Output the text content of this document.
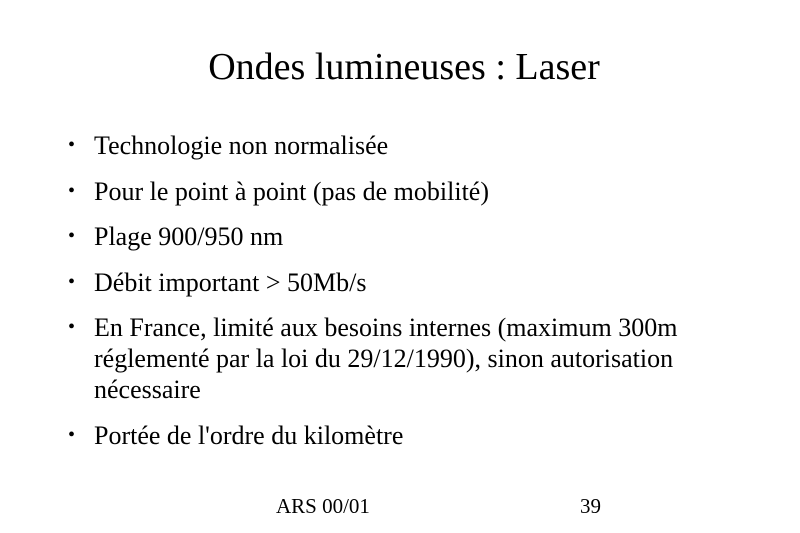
Ondes lumineuses : Laser
• Technologie non normalisée
• Pour le point à point (pas de mobilité)
• Plage 900/950 nm
• Débit important > 50Mb/s
• En France, limité aux besoins internes (maximum 300m réglementé par la loi du 29/12/1990), sinon autorisation nécessaire
• Portée de l'ordre du kilomètre
ARS 00/01	39
